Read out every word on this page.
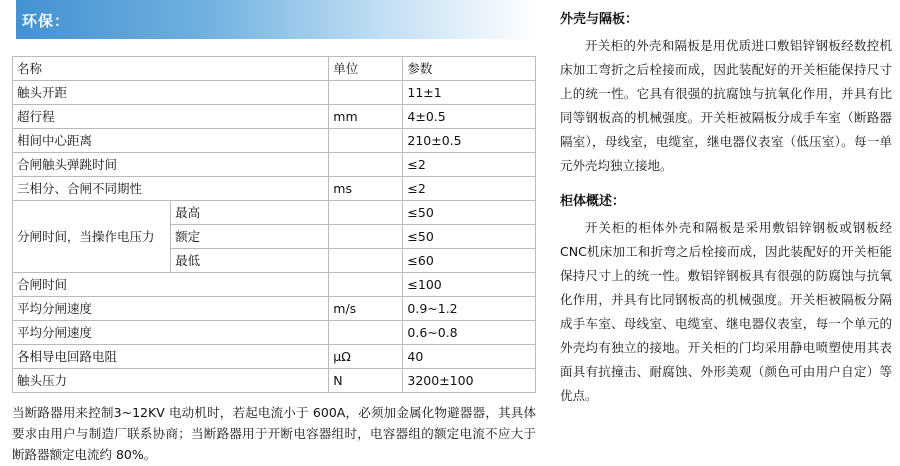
环保：
名称		单位	参数
触头开距			11±1
超行程		mm	4±0.5
相间中心距离			210±0.5
合闸触头弹跳时间			≤2
三相分、合闸不同期性		ms	≤2
分闸时间，当操作电压力	最高		≤50
	额定		≤50
	最低		≤60
合闸时间			≤100
平均分闸速度		m/s	0.9~1.2
平均分闸速度			0.6~0.8
各相导电回路电阻		μΩ	40
触头压力		N	3200±100

当断路器用来控制3~12KV 电动机时，若起电流小于 600A，必须加金属化物避器器，其具体要求由用户与制造厂联系协商；当断路器用于开断电容器组时，电容器组的额定电流不应大于断路器额定电流约 80%。

外壳与隔板：

开关柜的外壳和隔板是用优质进口敷铝锌钢板经数控机床加工弯折之后栓接而成，因此装配好的开关柜能保持尺寸上的统一性。它具有很强的抗腐蚀与抗氧化作用，并具有比同等钢板高的机械强度。开关柜被隔板分成手车室（断路器隔室），母线室，电缆室，继电器仪表室（低压室）。每一单元外壳均独立接地。

柜体概述：

开关柜的柜体外壳和隔板是采用敷铝锌钢板或钢板经CNC机床加工和折弯之后栓接而成，因此装配好的开关柜能保持尺寸上的统一性。敷铝锌钢板具有很强的防腐蚀与抗氧化作用，并具有比同钢板高的机械强度。开关柜被隔板分隔成手车室、母线室、电缆室、继电器仪表室，每一个单元的外壳均有独立的接地。开关柜的门均采用静电喷塑使用其表面具有抗撞击、耐腐蚀、外形美观（颜色可由用户自定）等优点。
